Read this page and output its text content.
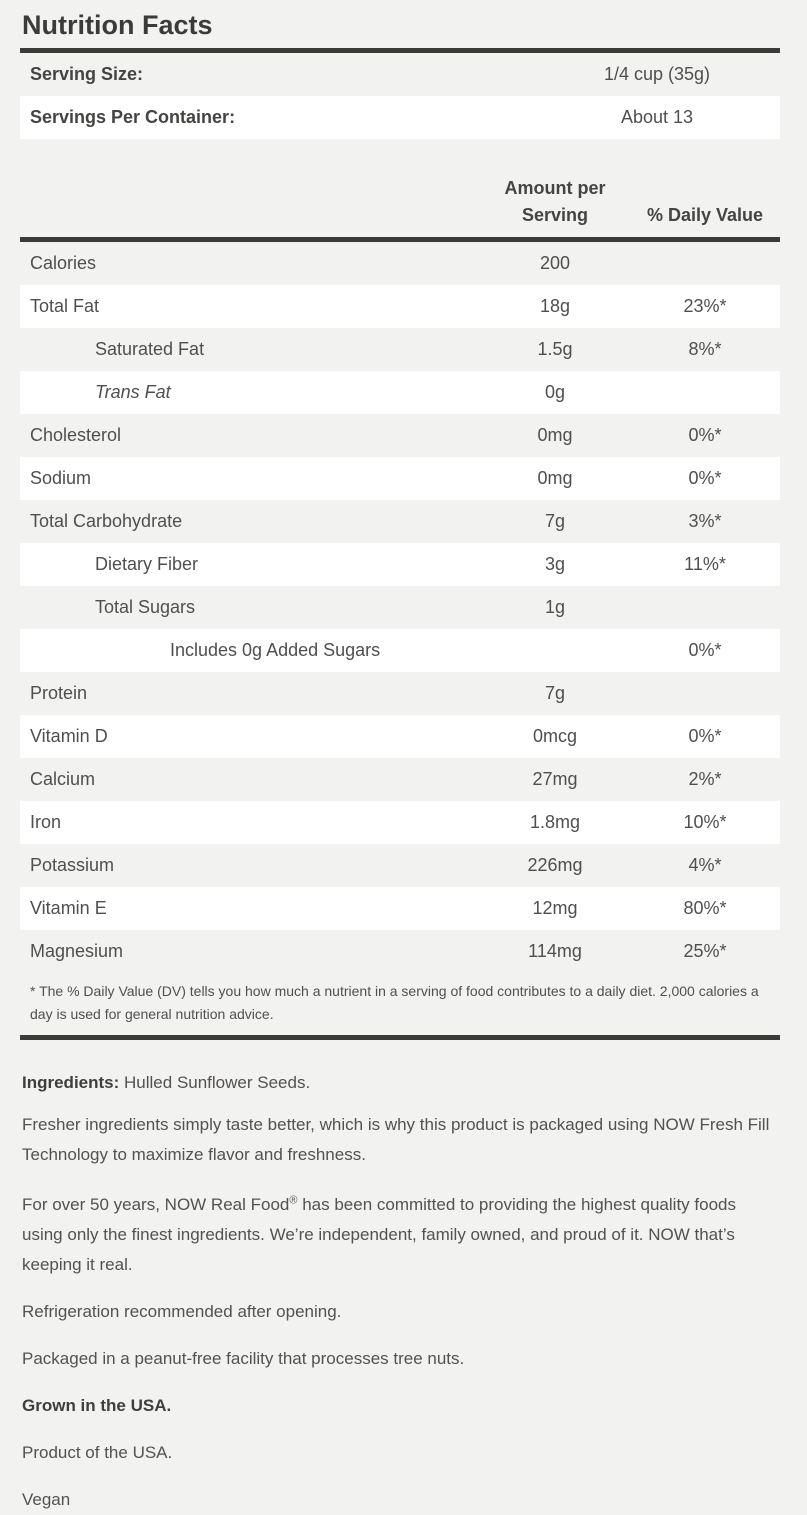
Nutrition Facts
Serving Size:	1/4 cup (35g)
Servings Per Container:	About 13
Amount per
Serving	% Daily Value
Calories	200
Total Fat	18g	23%*
Saturated Fat	1.5g	8%*
Trans Fat	0g
Cholesterol	0mg	0%*
Sodium	0mg	0%*
Total Carbohydrate	7g	3%*
Dietary Fiber	3g	11%*
Total Sugars	1g
Includes 0g Added Sugars	0%*
Protein	7g
Vitamin D	0mcg	0%*
Calcium	27mg	2%*
Iron	1.8mg	10%*
Potassium	226mg	4%*
Vitamin E	12mg	80%*
Magnesium	114mg	25%*

* The % Daily Value (DV) tells you how much a nutrient in a serving of food contributes to a daily diet. 2,000 calories a day is used for general nutrition advice.

Ingredients: Hulled Sunflower Seeds.

Fresher ingredients simply taste better, which is why this product is packaged using NOW Fresh Fill Technology to maximize flavor and freshness.

For over 50 years, NOW Real Food® has been committed to providing the highest quality foods using only the finest ingredients. We’re independent, family owned, and proud of it. NOW that’s keeping it real.

Refrigeration recommended after opening.

Packaged in a peanut-free facility that processes tree nuts.

Grown in the USA.

Product of the USA.

Vegan
